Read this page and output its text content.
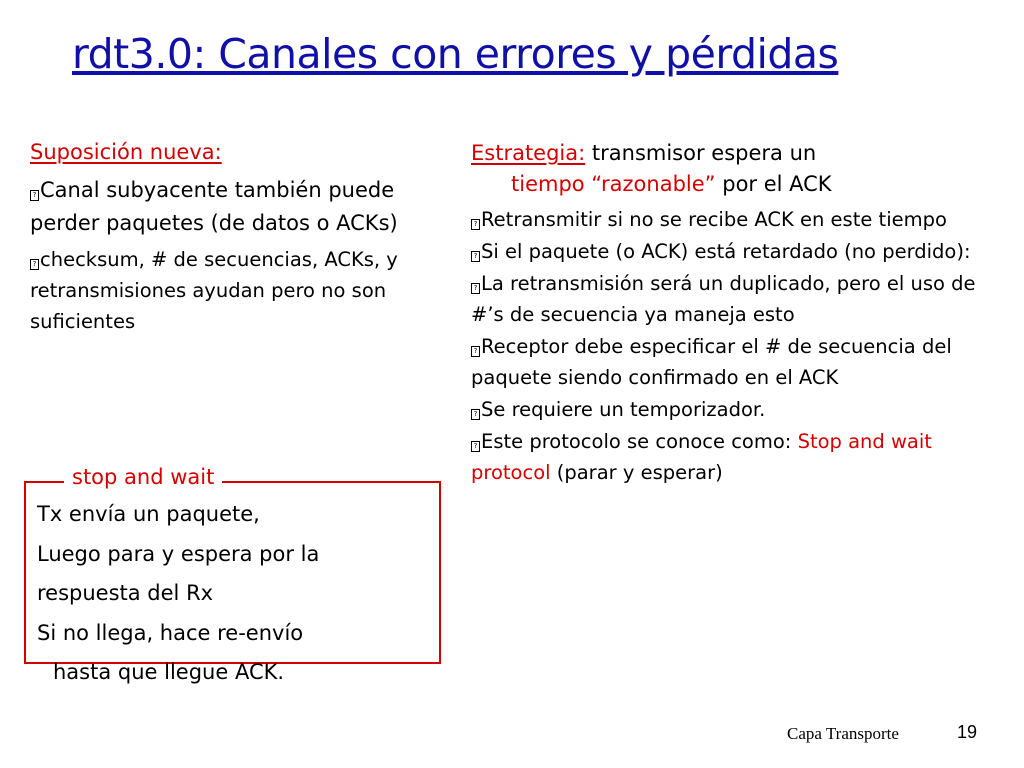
rdt3.0: Canales con errores y pérdidas
Suposición nueva:
? Canal subyacente también puede perder paquetes (de datos o ACKs)
? checksum, # de secuencias, ACKs, y retransmisiones ayudan pero no son suficientes
stop and wait
Tx envía un paquete,
Luego para y espera por la
respuesta del Rx
Si no llega, hace re-envío
hasta que llegue ACK.
Estrategia: transmisor espera un
tiempo “razonable” por el ACK
? Retransmitir si no se recibe ACK en este tiempo
? Si el paquete (o ACK) está retardado (no perdido):
? La retransmisión será un duplicado, pero el uso de #’s de secuencia ya maneja esto
? Receptor debe especificar el # de secuencia del paquete siendo confirmado en el ACK
? Se requiere un temporizador.
? Este protocolo se conoce como: Stop and wait protocol (parar y esperar)
Capa Transporte	19
